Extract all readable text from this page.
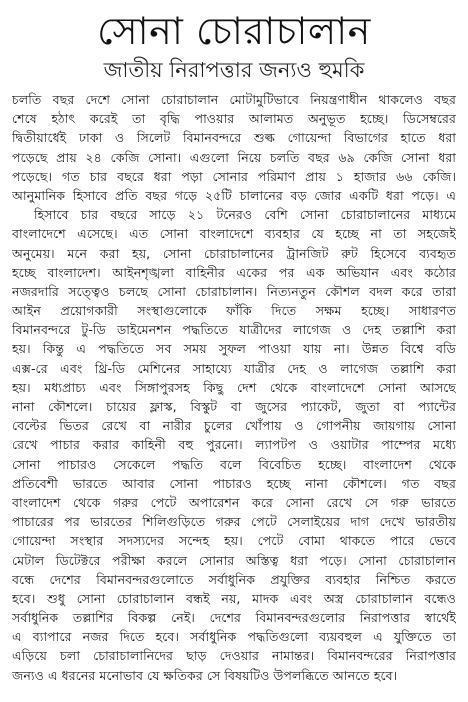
সোনা চোরাচালান
জাতীয় নিরাপত্তার জন্যও হুমকি
চলতি বছর দেশে সোনা চোরাচালান মোটামুটিভাবে নিয়ন্ত্রণাধীন থাকলেও বছর
শেষে হঠাৎ করেই তা বৃদ্ধি পাওয়ার আলামত অনুভূত হচ্ছে। ডিসেম্বরের
দ্বিতীয়ার্ধেই ঢাকা ও সিলেট বিমানবন্দরে শুল্ক গোয়েন্দা বিভাগের হাতে ধরা
পড়েছে প্রায় ২৪ কেজি সোনা। এগুলো নিয়ে চলতি বছর ৬৯ কেজি সোনা ধরা
পড়েছে। গত চার বছরে ধরা পড়া সোনার পরিমাণ প্রায় ১ হাজার ৬৬ কেজি।
আনুমানিক হিসাবে প্রতি বছর গড়ে ২৫টি চালানের বড় জোর একটি ধরা পড়ে। এ
হিসাবে চার বছরে সাড়ে ২১ টনেরও বেশি সোনা চোরাচালানের মাধ্যমে
বাংলাদেশে এসেছে। এত সোনা বাংলাদেশে ব্যবহার যে হচ্ছে না তা সহজেই
অনুমেয়। মনে করা হয়, সোনা চোরাচালানের ট্রানজিট রুট হিসেবে ব্যবহৃত
হচ্ছে বাংলাদেশ। আইনশৃঙ্খলা বাহিনীর একের পর এক অভিযান এবং কঠোর
নজরদারি সত্ত্বেও চলছে সোনা চোরাচালান। নিত্যনতুন কৌশল বদল করে তারা
আইন প্রয়োগকারী সংস্থাগুলোকে ফাঁকি দিতে সক্ষম হচ্ছে। সাধারণত
বিমানবন্দরে টু-ডি ডাইমেনশন পদ্ধতিতে যাত্রীদের লাগেজ ও দেহ তল্লাশি করা
হয়। কিন্তু এ পদ্ধতিতে সব সময় সুফল পাওয়া যায় না। উন্নত বিশ্বে বডি
এক্স-রে এবং থ্রি-ডি মেশিনের সাহায্যে যাত্রীর দেহ ও লাগেজ তল্লাশি করা
হয়। মধ্যপ্রাচ্য এবং সিঙ্গাপুরসহ কিছু দেশ থেকে বাংলাদেশে সোনা আসছে
নানা কৌশলে। চায়ের ফ্লাস্ক, বিস্কুট বা জুসের প্যাকেট, জুতা বা প্যান্টের
বেল্টের ভিতর রেখে বা নারীর চুলের খোঁপায় ও গোপনীয় জায়গায় সোনা
রেখে পাচার করার কাহিনী বহু পুরনো। ল্যাপটপ ও ওয়াটার পাম্পের মধ্যে
সোনা পাচারও সেকেলে পদ্ধতি বলে বিবেচিত হচ্ছে। বাংলাদেশ থেকে
প্রতিবেশী ভারতে আবার সোনা পাচারও হচ্ছে নানা কৌশলে। গত বছর
বাংলাদেশ থেকে গরুর পেটে অপারেশন করে সোনা রেখে সে গরু ভারতে
পাচারের পর ভারতের শিলিগুড়িতে গরুর পেটে সেলাইয়ের দাগ দেখে ভারতীয়
গোয়েন্দা সংস্থার সদস্যদের সন্দেহ হয়। পেটে বোমা থাকতে পারে ভেবে
মেটাল ডিটেক্টরে পরীক্ষা করলে সোনার অস্তিত্ব ধরা পড়ে। সোনা চোরাচালান
বন্ধে দেশের বিমানবন্দরগুলোতে সর্বাধুনিক প্রযুক্তির ব্যবহার নিশ্চিত করতে
হবে। শুধু সোনা চোরাচালান বন্ধই নয়, মাদক এবং অস্ত্র চোরাচালান বন্ধেও
সর্বাধুনিক তল্লাশির বিকল্প নেই। দেশের বিমানবন্দরগুলোর নিরাপত্তার স্বার্থেই
এ ব্যাপারে নজর দিতে হবে। সর্বাধুনিক পদ্ধতিগুলো ব্যয়বহুল এ যুক্তিতে তা
এড়িয়ে চলা চোরাচালানিদের ছাড় দেওয়ার নামান্তর। বিমানবন্দরের নিরাপত্তার
জন্যও এ ধরনের মনোভাব যে ক্ষতিকর সে বিষয়টিও উপলব্ধিতে আনতে হবে।
